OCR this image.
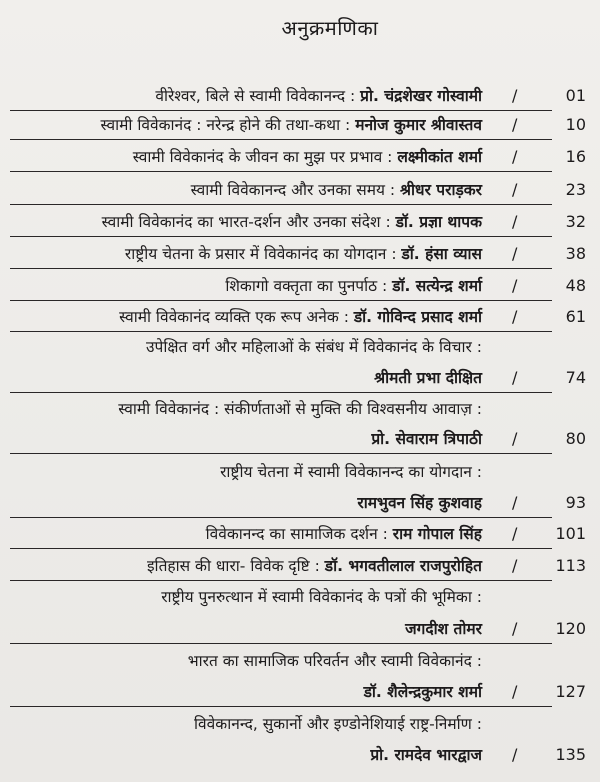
अनुक्रमणिका
वीरेश्वर, बिले से स्वामी विवेकानन्द : प्रो. चंद्रशेखर गोस्वामी /	01
स्वामी विवेकानंद : नरेन्द्र होने की तथा-कथा : मनोज कुमार श्रीवास्तव /	10
स्वामी विवेकानंद के जीवन का मुझ पर प्रभाव : लक्ष्मीकांत शर्मा /	16
स्वामी विवेकानन्द और उनका समय : श्रीधर पराड़कर /	23
स्वामी विवेकानंद का भारत-दर्शन और उनका संदेश : डॉ. प्रज्ञा थापक /	32
राष्ट्रीय चेतना के प्रसार में विवेकानंद का योगदान : डॉ. हंसा व्यास /	38
शिकागो वक्तृता का पुनर्पाठ : डॉ. सत्येन्द्र शर्मा /	48
स्वामी विवेकानंद व्यक्ति एक रूप अनेक : डॉ. गोविन्द प्रसाद शर्मा /	61
उपेक्षित वर्ग और महिलाओं के संबंध में विवेकानंद के विचार :
श्रीमती प्रभा दीक्षित /	74
स्वामी विवेकानंद : संकीर्णताओं से मुक्ति की विश्वसनीय आवाज़ :
प्रो. सेवाराम त्रिपाठी /	80
राष्ट्रीय चेतना में स्वामी विवेकानन्द का योगदान :
रामभुवन सिंह कुशवाह /	93
विवेकानन्द का सामाजिक दर्शन : राम गोपाल सिंह /	101
इतिहास की धारा- विवेक दृष्टि : डॉ. भगवतीलाल राजपुरोहित /	113
राष्ट्रीय पुनरुत्थान में स्वामी विवेकानंद के पत्रों की भूमिका :
जगदीश तोमर /	120
भारत का सामाजिक परिवर्तन और स्वामी विवेकानंद :
डॉ. शैलेन्द्रकुमार शर्मा /	127
विवेकानन्द, सुकार्नो और इण्डोनेशियाई राष्ट्र-निर्माण :
प्रो. रामदेव भारद्वाज /	135
